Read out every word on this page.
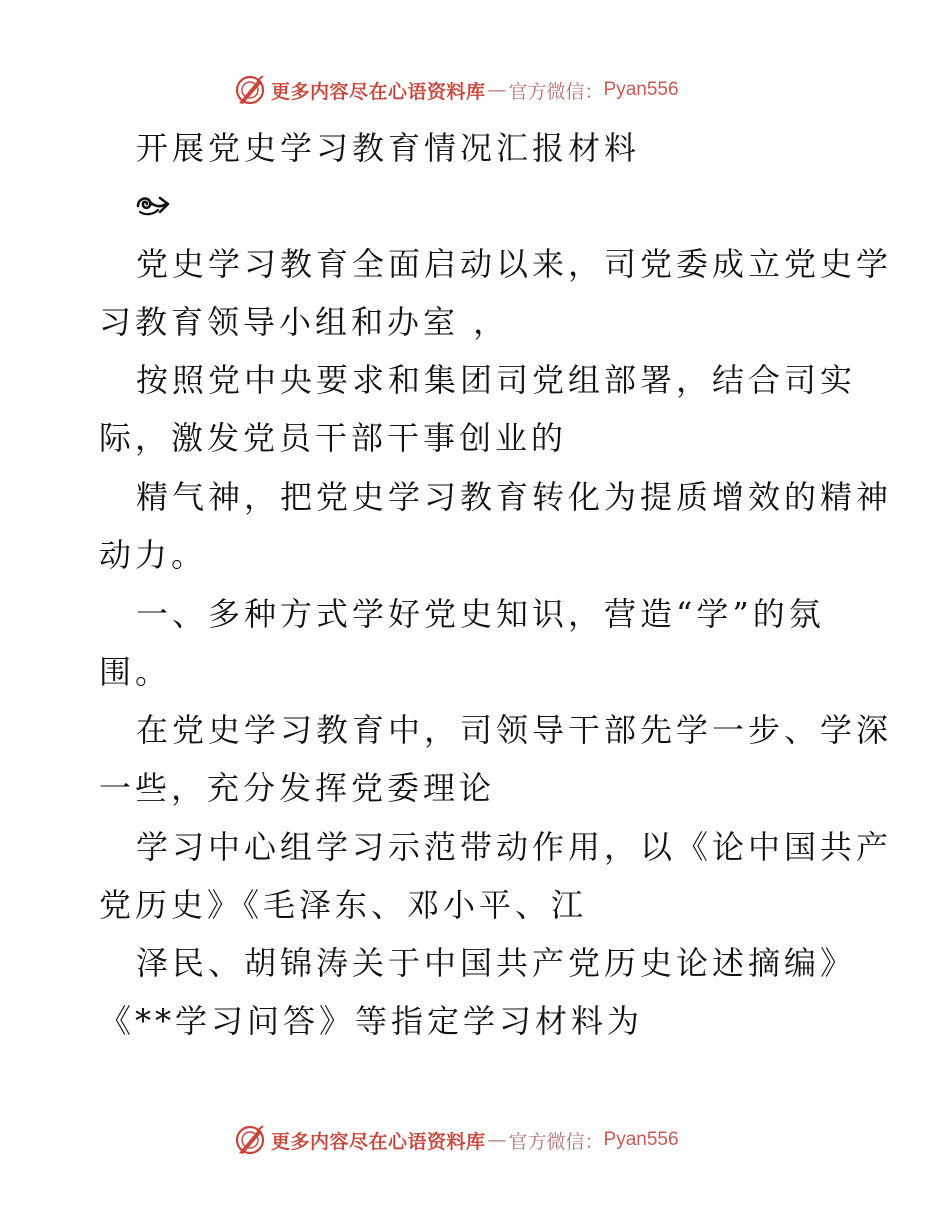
更多内容尽在心语资料库 — 官方微信： Pyan556
开展党史学习教育情况汇报材料
党史学习教育全面启动以来，司党委成立党史学
习教育领导小组和办室 ，
按照党中央要求和集团司党组部署，结合司实
际，激发党员干部干事创业的
精气神，把党史学习教育转化为提质增效的精神
动力。
一、多种方式学好党史知识，营造“学”的氛
围。
在党史学习教育中，司领导干部先学一步、学深
一些，充分发挥党委理论
学习中心组学习示范带动作用，以《论中国共产
党历史》《毛泽东、邓小平、江
泽民、胡锦涛关于中国共产党历史论述摘编》
《**学习问答》等指定学习材料为
更多内容尽在心语资料库 — 官方微信： Pyan556
